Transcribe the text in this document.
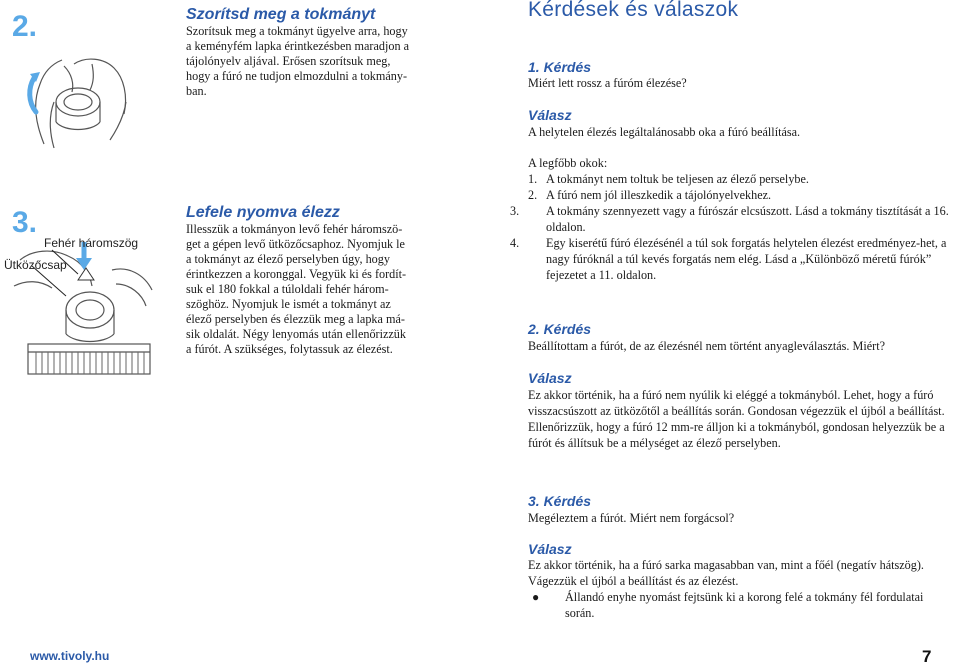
2.	Szorítsd meg a tokmányt

Szorítsuk meg a tokmányt ügyelve arra, hogy
a keményfém lapka érintkezésben maradjon a
tájolónyelv aljával. Erősen szorítsuk meg,
hogy a fúró ne tudjon elmozdulni a tokmány-
ban.

3.
Fehér háromszög
Ütközőcsap
Lefele nyomva élezz

Illesszük a tokmányon levő fehér háromszö-
get a gépen levő ütközőcsaphoz. Nyomjuk le
a tokmányt az élező perselyben úgy, hogy
érintkezzen a koronggal. Vegyük ki és fordít-
suk el 180 fokkal a túloldali fehér három-
szöghöz. Nyomjuk le ismét a tokmányt az
élező perselyben és élezzük meg a lapka má-
sik oldalát. Négy lenyomás után ellenőrizzük
a fúrót. A szükséges, folytassuk az élezést.

Kérdések és válaszok
1. Kérdés
Miért lett rossz a fúróm élezése?
Válasz
A helytelen élezés legáltalánosabb oka a fúró beállítása.
A legfőbb okok:
1. A tokmányt nem toltuk be teljesen az élező perselybe.
2. A fúró nem jól illeszkedik a tájolónyelvekhez.
3. A tokmány szennyezett vagy a fúrószár elcsúszott. Lásd a tokmány tisztítását a 16. oldalon.
4. Egy kiserétű fúró élezésénél a túl sok forgatás helytelen élezést eredményez-het, a nagy fúróknál a túl kevés forgatás nem elég. Lásd a „Különböző méretű fúrók” fejezetet a 11. oldalon.
2. Kérdés
Beállítottam a fúrót, de az élezésnél nem történt anyagleválasztás. Miért?
Válasz
Ez akkor történik, ha a fúró nem nyúlik ki eléggé a tokmányból. Lehet, hogy a fúró visszacsúszott az ütközőtől a beállítás során. Gondosan végezzük el újból a beállítást. Ellenőrizzük, hogy a fúró 12 mm-re álljon ki a tokmányból, gondosan helyezzük be a fúrót és állítsuk be a mélységet az élező perselyben.
3. Kérdés
Megéleztem a fúrót. Miért nem forgácsol?
Válasz
Ez akkor történik, ha a fúró sarka magasabban van, mint a főél (negatív hátszög). Vágezzük el újból a beállítást és az élezést.
●	Állandó enyhe nyomást fejtsünk ki a korong felé a tokmány fél fordulatai során.
www.tivoly.hu	7
